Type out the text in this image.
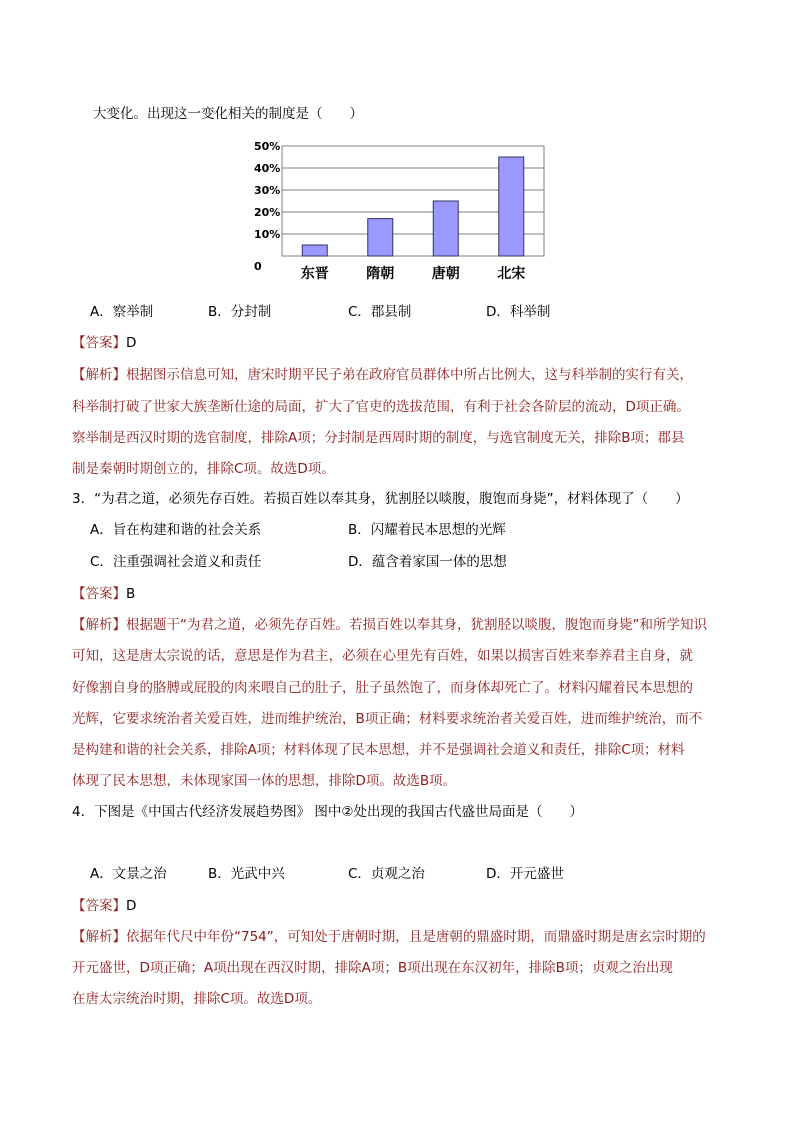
大变化。出现这一变化相关的制度是（　　）
0
10%
20%
30%
40%
50%
东晋	隋朝	唐朝	北宋
A．察举制	B．分封制	C．郡县制	D．科举制
【答案】D
【解析】根据图示信息可知，唐宋时期平民子弟在政府官员群体中所占比例大，这与科举制的实行有关，
科举制打破了世家大族垄断仕途的局面，扩大了官吏的选拔范围，有利于社会各阶层的流动，D项正确。
察举制是西汉时期的选官制度，排除A项；分封制是西周时期的制度，与选官制度无关，排除B项；郡县
制是秦朝时期创立的，排除C项。故选D项。
3．“为君之道，必须先存百姓。若损百姓以奉其身，犹割胫以啖腹，腹饱而身毙”，材料体现了（　　）
A．旨在构建和谐的社会关系	B．闪耀着民本思想的光辉
C．注重强调社会道义和责任	D．蕴含着家国一体的思想
【答案】B
【解析】根据题干“为君之道，必须先存百姓。若损百姓以奉其身，犹割胫以啖腹，腹饱而身毙”和所学知识
可知，这是唐太宗说的话，意思是作为君主，必须在心里先有百姓，如果以损害百姓来奉养君主自身，就
好像割自身的胳膊或屁股的肉来喂自己的肚子，肚子虽然饱了，而身体却死亡了。材料闪耀着民本思想的
光辉，它要求统治者关爱百姓，进而维护统治，B项正确；材料要求统治者关爱百姓，进而维护统治，而不
是构建和谐的社会关系，排除A项；材料体现了民本思想，并不是强调社会道义和责任，排除C项；材料
体现了民本思想，未体现家国一体的思想，排除D项。故选B项。
4．下图是《中国古代经济发展趋势图》 图中②处出现的我国古代盛世局面是（　　）
A．文景之治	B．光武中兴	C．贞观之治	D．开元盛世
【答案】D
【解析】依据年代尺中年份“754”，可知处于唐朝时期，且是唐朝的鼎盛时期，而鼎盛时期是唐玄宗时期的
开元盛世，D项正确；A项出现在西汉时期，排除A项；B项出现在东汉初年，排除B项；贞观之治出现
在唐太宗统治时期，排除C项。故选D项。
